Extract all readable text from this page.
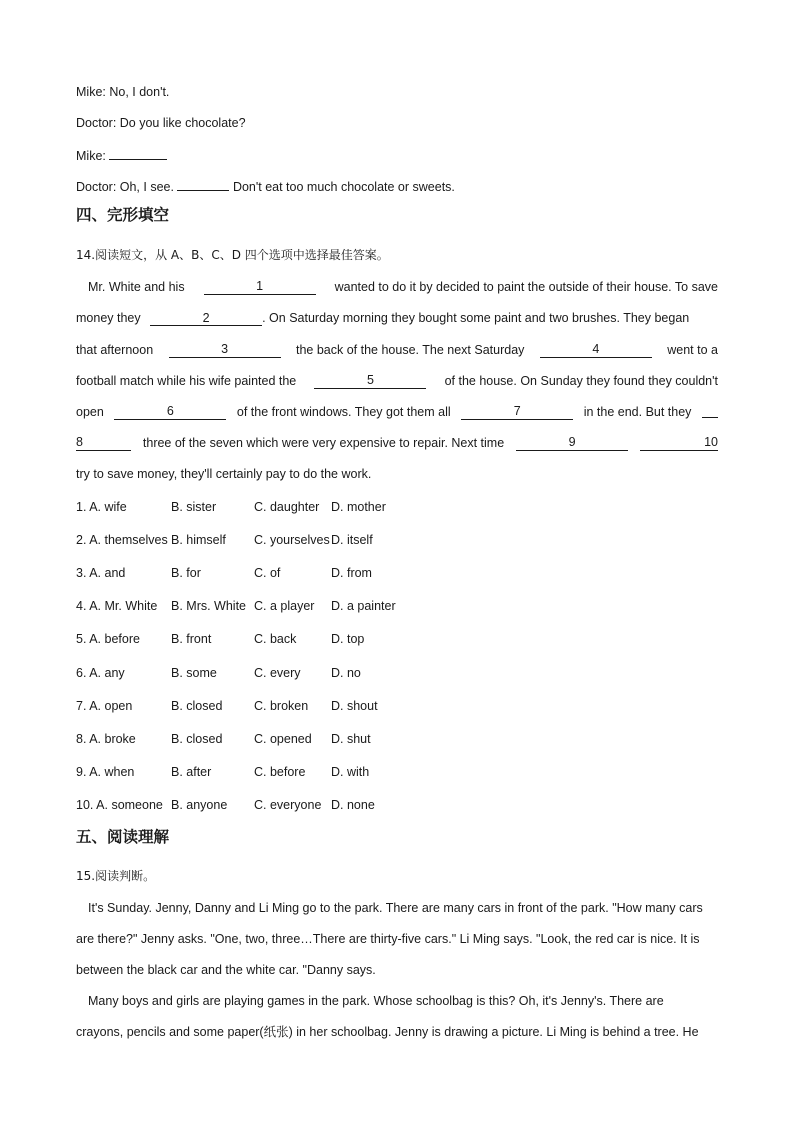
Mike: No, I don't.
Doctor: Do you like chocolate?
Mike:
Doctor: Oh, I see.	Don't eat too much chocolate or sweets.
四、完形填空
14.阅读短文，从 A、B、C、D 四个选项中选择最佳答案。
Mr. White and his	1	wanted to do it by decided to paint the outside of their house. To save
money they	2	. On Saturday morning they bought some paint and two brushes. They began
that afternoon	3	the back of the house. The next Saturday	4	went to a
football match while his wife painted the	5	of the house. On Sunday they found they couldn't
open	6	of the front windows. They got them all	7	in the end. But they
8	three of the seven which were very expensive to repair. Next time	9	10
try to save money, they'll certainly pay to do the work.
1. A. wife	B. sister	C. daughter D. mother
2. A. themselves B. himself C. yourselves D. itself
3. A. and	B. for	C. of	D. from
4. A. Mr. White B. Mrs. White C. a player D. a painter
5. A. before B. front	C. back	D. top
6. A. any	B. some	C. every D. no
7. A. open	B. closed	C. broken D. shout
8. A. broke	B. closed	C. opened D. shut
9. A. when	B. after	C. before D. with
10. A. someone B. anyone C. everyone D. none
五、阅读理解
15.阅读判断。
It's Sunday. Jenny, Danny and Li Ming go to the park. There are many cars in front of the park. "How many cars
are there?" Jenny asks. "One, two, three…There are thirty-five cars." Li Ming says. "Look, the red car is nice. It is
between the black car and the white car. "Danny says.
Many boys and girls are playing games in the park. Whose schoolbag is this? Oh, it's Jenny's. There are
crayons, pencils and some paper(纸张) in her schoolbag. Jenny is drawing a picture. Li Ming is behind a tree. He
